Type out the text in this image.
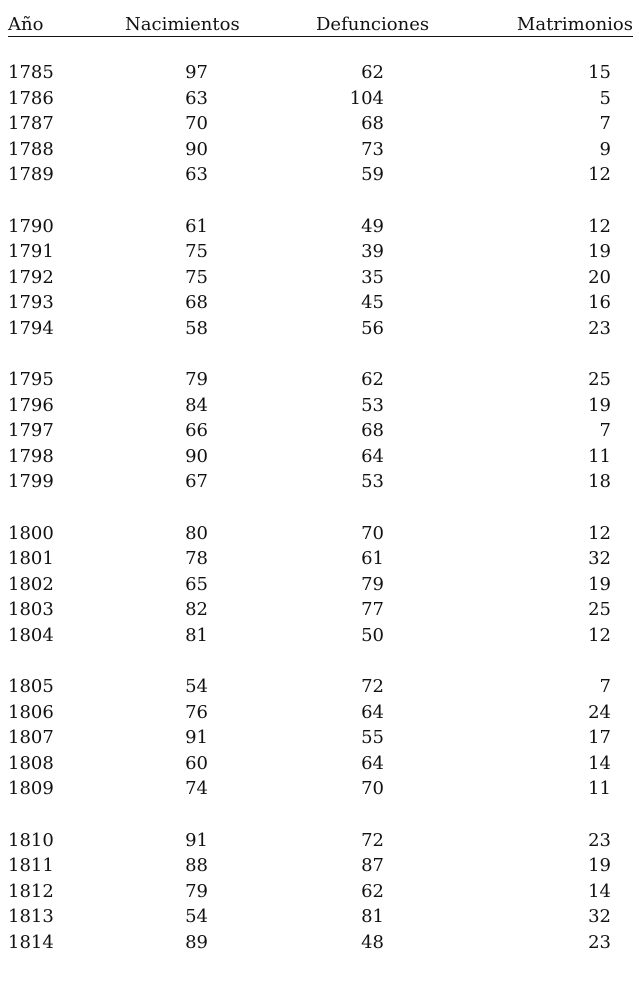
Año	Nacimientos	Defunciones	Matrimonios
1785	97	62	15
1786	63	104	5
1787	70	68	7
1788	90	73	9
1789	63	59	12
1790	61	49	12
1791	75	39	19
1792	75	35	20
1793	68	45	16
1794	58	56	23
1795	79	62	25
1796	84	53	19
1797	66	68	7
1798	90	64	11
1799	67	53	18
1800	80	70	12
1801	78	61	32
1802	65	79	19
1803	82	77	25
1804	81	50	12
1805	54	72	7
1806	76	64	24
1807	91	55	17
1808	60	64	14
1809	74	70	11
1810	91	72	23
1811	88	87	19
1812	79	62	14
1813	54	81	32
1814	89	48	23
